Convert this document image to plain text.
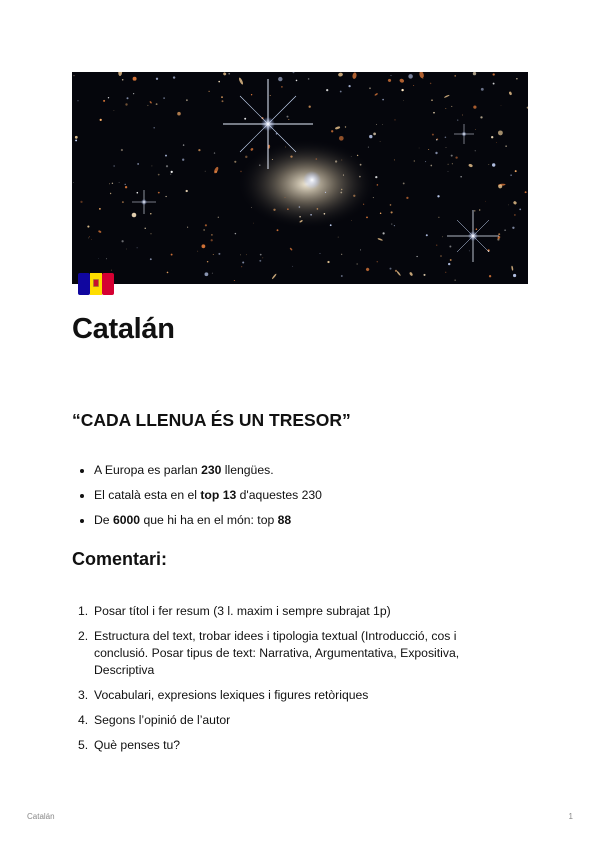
Catalán
“CADA LLENUA ÉS UN TRESOR”
A Europa es parlan 230 llengües.
El català esta en el top 13 d'aquestes 230
De 6000 que hi ha en el món: top 88
Comentari:
1. Posar títol i fer resum (3 l. maxim i sempre subrajat 1p)
2. Estructura del text, trobar idees i tipologia textual (Introducció, cos i conclusió. Posar tipus de text: Narrativa, Argumentativa, Expositiva, Descriptiva
3. Vocabulari, expresions lexiques i figures retòriques
4. Segons l’opinió de l’autor
5. Què penses tu?
Catalán	1
